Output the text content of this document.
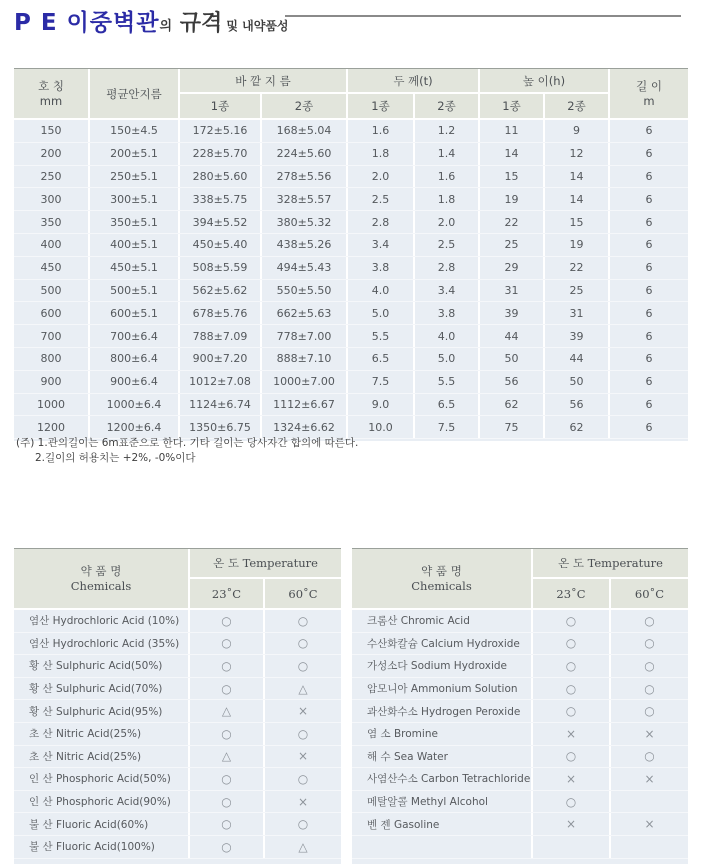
P E 이중벽관의 규격 및 내약품성
호 칭
mm	평균안지름
바 깥 지 름	두 께(t)	높 이(h)	길 이
m
1종	2종	1종	2종	1종	2종
150	150±4.5	172±5.16	168±5.04	1.6	1.2	11	9	6
200	200±5.1	228±5.70	224±5.60	1.8	1.4	14	12	6
250	250±5.1	280±5.60	278±5.56	2.0	1.6	15	14	6
300	300±5.1	338±5.75	328±5.57	2.5	1.8	19	14	6
350	350±5.1	394±5.52	380±5.32	2.8	2.0	22	15	6
400	400±5.1	450±5.40	438±5.26	3.4	2.5	25	19	6
450	450±5.1	508±5.59	494±5.43	3.8	2.8	29	22	6
500	500±5.1	562±5.62	550±5.50	4.0	3.4	31	25	6
600	600±5.1	678±5.76	662±5.63	5.0	3.8	39	31	6
700	700±6.4	788±7.09	778±7.00	5.5	4.0	44	39	6
800	800±6.4	900±7.20	888±7.10	6.5	5.0	50	44	6
900	900±6.4	1012±7.08	1000±7.00	7.5	5.5	56	50	6
1000	1000±6.4	1124±6.74	1112±6.67	9.0	6.5	62	56	6
1200	1200±6.4	1350±6.75	1324±6.62	10.0	7.5	75	62	6
(주) 1.관의길이는 6m표준으로 한다. 기타 길이는 당사자간 합의에 따른다.
2.길이의 허용치는 +2%, -0%이다
약 품 명
Chemicals
온 도 Temperature
23˚C	60˚C
염산 Hydrochloric Acid (10%)	○	○
염산 Hydrochloric Acid (35%)	○	○
황 산 Sulphuric Acid(50%)	○	○
황 산 Sulphuric Acid(70%)	○	△
황 산 Sulphuric Acid(95%)	△	×
초 산 Nitric Acid(25%)	○	○
초 산 Nitric Acid(25%)	△	×
인 산 Phosphoric Acid(50%)	○	○
인 산 Phosphoric Acid(90%)	○	×
불 산 Fluoric Acid(60%)	○	○
불 산 Fluoric Acid(100%)	○	△
약 품 명
Chemicals
온 도 Temperature
23˚C	60˚C
크롬산 Chromic Acid	○	○
수산화칼슘 Calcium Hydroxide	○	○
가성소다 Sodium Hydroxide	○	○
암모니아 Ammonium Solution	○	○
과산화수소 Hydrogen Peroxide	○	○
염 소 Bromine	×	×
해 수 Sea Water	○	○
사염산수소 Carbon Tetrachloride	×	×
메탈알콜 Methyl Alcohol	○
벤 젠 Gasoline	×	×
